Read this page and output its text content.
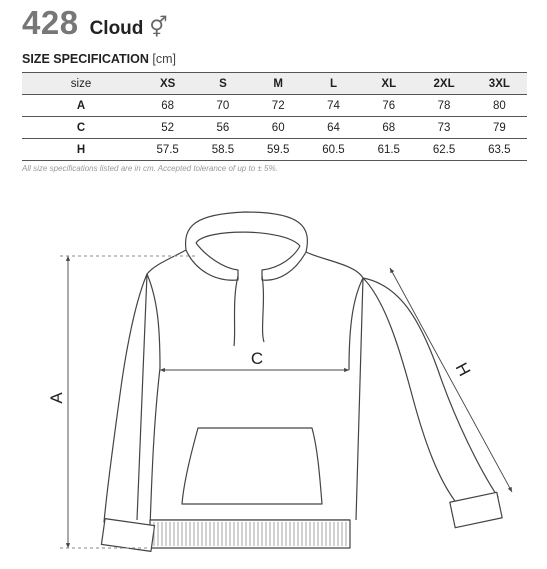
428 Cloud ⚥
SIZE SPECIFICATION [cm]
size	XS	S	M	L	XL	2XL	3XL
A	68	70	72	74	76	78	80
C	52	56	60	64	68	73	79
H	57.5	58.5	59.5	60.5	61.5	62.5	63.5
All size specifications listed are in cm. Accepted tolerance of up to ± 5%.
A
C
H
